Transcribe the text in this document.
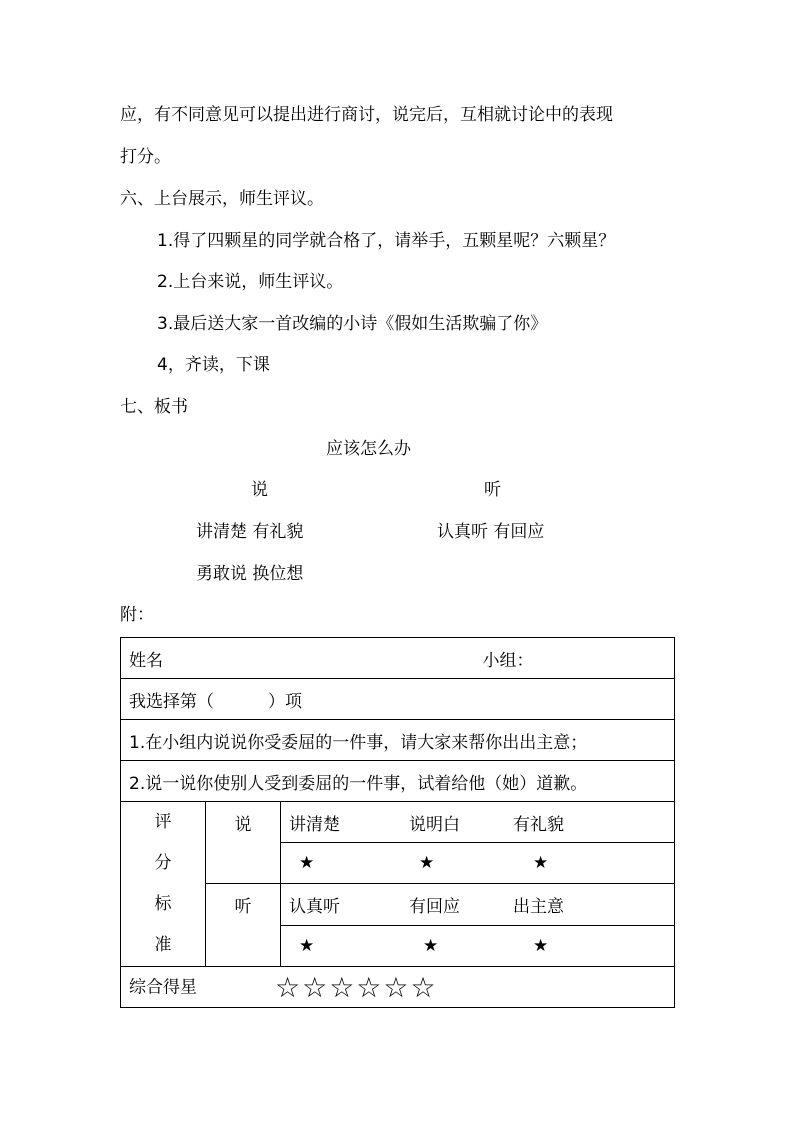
应，有不同意见可以提出进行商讨，说完后，互相就讨论中的表现
打分。
六、上台展示，师生评议。
1.得了四颗星的同学就合格了，请举手，五颗星呢？六颗星？
2.上台来说，师生评议。
3.最后送大家一首改编的小诗《假如生活欺骗了你》
4，齐读，下课
七、板书
应该怎么办
说	听
讲清楚 有礼貌	认真听 有回应
勇敢说 换位想
附：
姓名 小组：		

我选择第（          ）项		
1.在小组内说说你受委屈的一件事，请大家来帮你出出主意；		
2.说一说你使别人受到委屈的一件事，试着给他（她）道歉。		

评
分
标
准	说	讲清楚 说明白 有礼貌
		★ ★ ★
	听	认真听 有回应 出主意
		★ ★ ★
综合得星 ☆☆☆☆☆☆		
